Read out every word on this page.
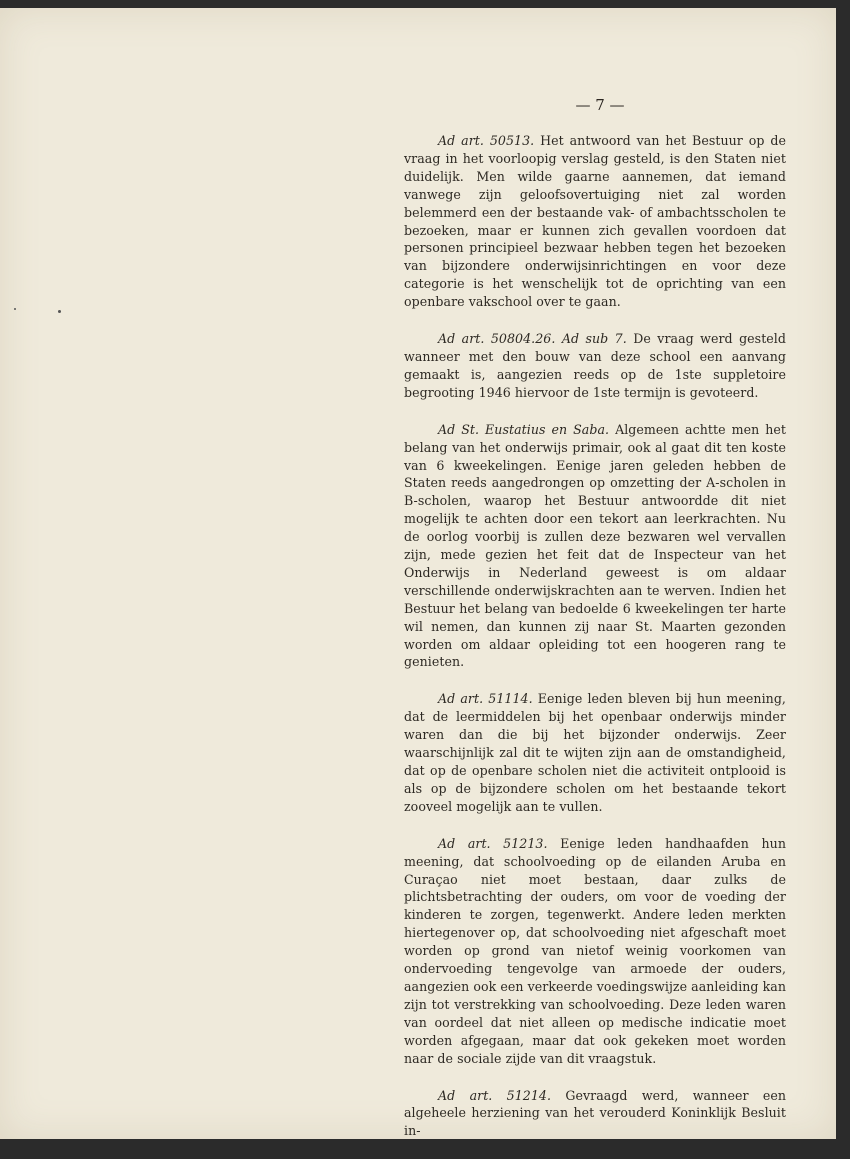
— 7 —

Ad art. 50513. Het antwoord van het Bestuur op de vraag in het voorloopig verslag gesteld, is den Staten niet duidelijk. Men wilde gaarne aannemen, dat iemand vanwege zijn geloofsovertuiging niet zal worden belemmerd een der bestaande vak- of ambachtsscholen te bezoeken, maar er kunnen zich gevallen voordoen dat personen principieel bezwaar hebben tegen het bezoeken van bijzondere onderwijsinrichtingen en voor deze categorie is het wenschelijk tot de oprichting van een openbare vakschool over te gaan.

Ad art. 50804.26. Ad sub 7. De vraag werd gesteld wanneer met den bouw van deze school een aanvang gemaakt is, aangezien reeds op de 1ste suppletoire begrooting 1946 hiervoor de 1ste termijn is gevoteerd.

Ad St. Eustatius en Saba. Algemeen achtte men het belang van het onderwijs primair, ook al gaat dit ten koste van 6 kweekelingen. Eenige jaren geleden hebben de Staten reeds aangedrongen op omzetting der A-scholen in B-scholen, waarop het Bestuur antwoordde dit niet mogelijk te achten door een tekort aan leerkrachten. Nu de oorlog voorbij is zullen deze bezwaren wel vervallen zijn, mede gezien het feit dat de Inspecteur van het Onderwijs in Nederland geweest is om aldaar verschillende onderwijskrachten aan te werven. Indien het Bestuur het belang van bedoelde 6 kweekelingen ter harte wil nemen, dan kunnen zij naar St. Maarten gezonden worden om aldaar opleiding tot een hoogeren rang te genieten.

Ad art. 51114. Eenige leden bleven bij hun meening, dat de leermiddelen bij het openbaar onderwijs minder waren dan die bij het bijzonder onderwijs. Zeer waarschijnlijk zal dit te wijten zijn aan de omstandigheid, dat op de openbare scholen niet die activiteit ontplooid is als op de bijzondere scholen om het bestaande tekort zooveel mogelijk aan te vullen.

Ad art. 51213. Eenige leden handhaafden hun meening, dat schoolvoeding op de eilanden Aruba en Curaçao niet moet bestaan, daar zulks de plichtsbetrachting der ouders, om voor de voeding der kinderen te zorgen, tegenwerkt. Andere leden merkten hiertegenover op, dat schoolvoeding niet afgeschaft moet worden op grond van nietof weinig voorkomen van ondervoeding tengevolge van armoede der ouders, aangezien ook een verkeerde voedingswijze aanleiding kan zijn tot verstrekking van schoolvoeding. Deze leden waren van oordeel dat niet alleen op medische indicatie moet worden afgegaan, maar dat ook gekeken moet worden naar de sociale zijde van dit vraagstuk.

Ad art. 51214. Gevraagd werd, wanneer een algeheele herziening van het verouderd Koninklijk Besluit in-
